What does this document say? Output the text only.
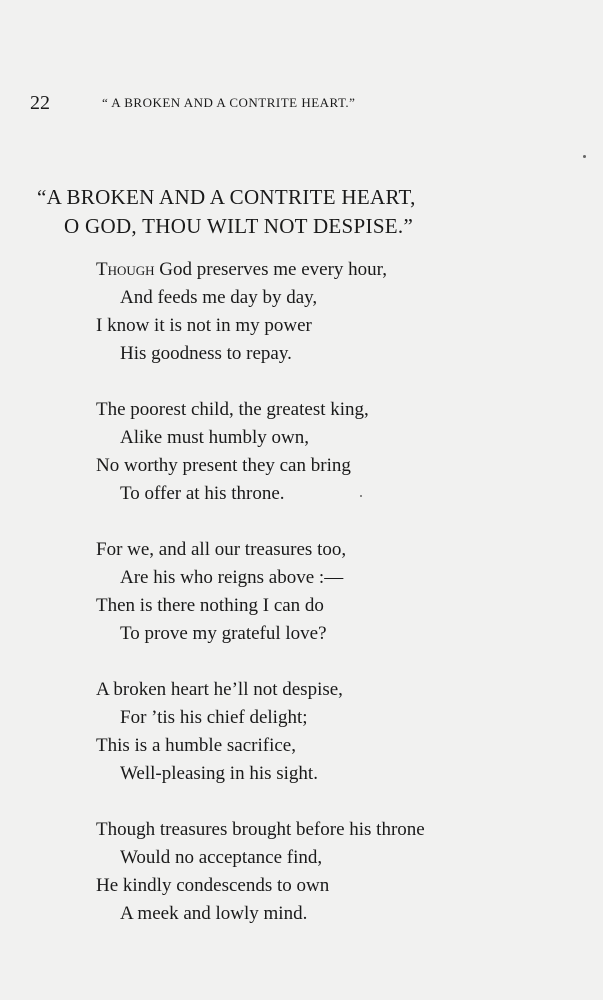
22	“ A BROKEN AND A CONTRITE HEART.”
“A BROKEN AND A CONTRITE HEART,
O GOD, THOU WILT NOT DESPISE.”
Though God preserves me every hour,
And feeds me day by day,
I know it is not in my power
His goodness to repay.
The poorest child, the greatest king,
Alike must humbly own,
No worthy present they can bring
To offer at his throne.
For we, and all our treasures too,
Are his who reigns above :—
Then is there nothing I can do
To prove my grateful love?
A broken heart he’ll not despise,
For ’tis his chief delight;
This is a humble sacrifice,
Well-pleasing in his sight.
Though treasures brought before his throne
Would no acceptance find,
He kindly condescends to own
A meek and lowly mind.
